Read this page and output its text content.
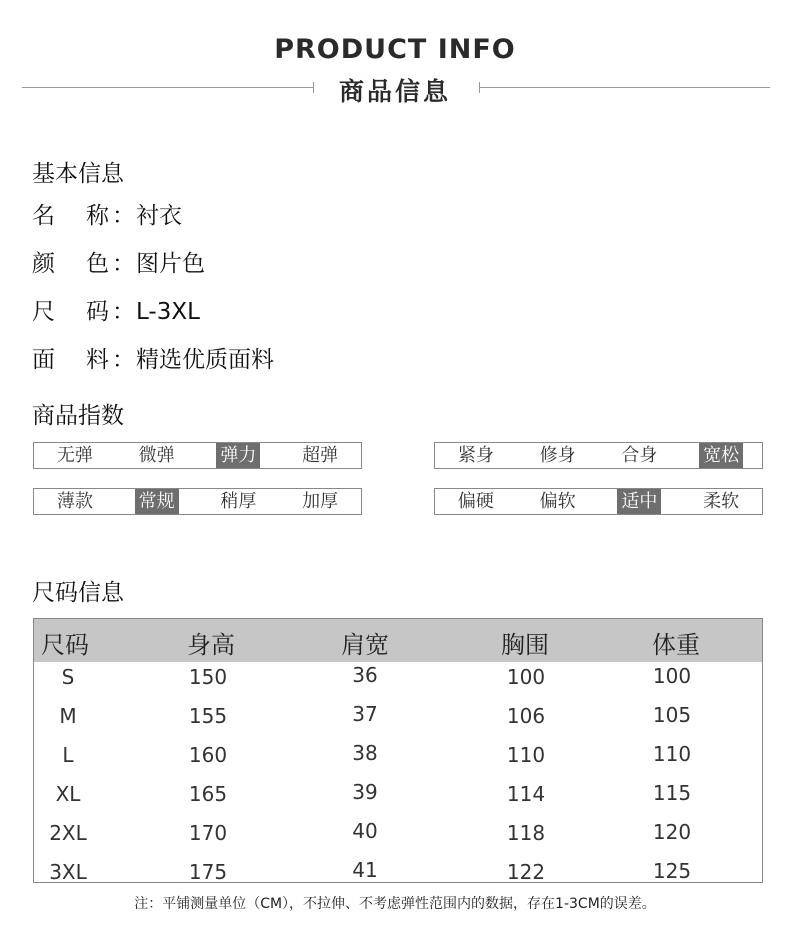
PRODUCT INFO
商品信息
基本信息
名 称 ： 衬衣
颜 色 ： 图片色
尺 码 ： L-3XL
面 料 ： 精选优质面料
商品指数
无弹	微弹	弹力	超弹	紧身	修身	合身	宽松
薄款	常规	稍厚	加厚	偏硬	偏软	适中	柔软
尺码信息
尺码	身高	肩宽	胸围	体重
S	150	36	100	100
M	155	37	106	105
L	160	38	110	110
XL	165	39	114	115
2XL	170	40	118	120
3XL	175	41	122	125
注：平铺测量单位（CM），不拉伸、不考虑弹性范围内的数据，存在1-3CM的误差。
